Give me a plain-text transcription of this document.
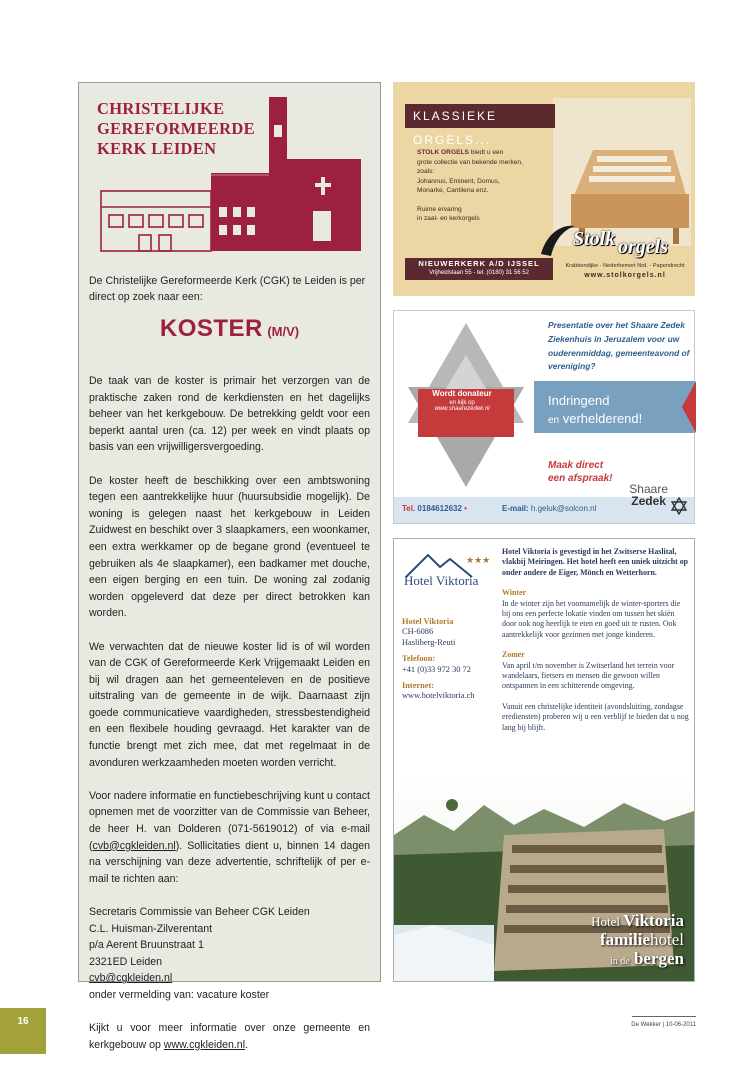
CHRISTELIJKE
GEREFORMEERDE
KERK LEIDEN
De Christelijke Gereformeerde Kerk (CGK) te Leiden is per direct op zoek naar een:
KOSTER (M/V)

De taak van de koster is primair het verzorgen van de praktische zaken rond de kerkdiensten en het dagelijks beheer van het kerkgebouw. De betrekking geldt voor een beperkt aantal uren (ca. 12) per week en vindt plaats op basis van een vrijwilligersvergoeding.

De koster heeft de beschikking over een ambtswoning tegen een aantrekkelijke huur (huursubsidie mogelijk). De woning is gelegen naast het kerkgebouw in Leiden Zuidwest en beschikt over 3 slaapkamers, een woonkamer, een extra werkkamer op de begane grond (eventueel te gebruiken als 4e slaapkamer), een badkamer met douche, een eigen berging en een tuin. De woning zal zodanig worden opgeleverd dat deze per direct betrokken kan worden.

We verwachten dat de nieuwe koster lid is of wil worden van de CGK of Gereformeerde Kerk Vrijgemaakt Leiden en bij wil dragen aan het gemeenteleven en de positieve uitstraling van de gemeente in de wijk. Daarnaast zijn goede communicatieve vaardigheden, stressbestendigheid en een flexibele houding gevraagd. Het karakter van de functie brengt met zich mee, dat met regelmaat in de avonduren werkzaamheden moeten worden verricht.

Voor nadere informatie en functiebeschrijving kunt u contact opnemen met de voorzitter van de Commissie van Beheer, de heer H. van Dolderen (071-5619012) of via e-mail (cvb@cgkleiden.nl). Sollicitaties dient u, binnen 14 dagen na verschijning van deze advertentie, schriftelijk of per e-mail te richten aan:

Secretaris Commissie van Beheer CGK Leiden
C.L. Huisman-Zilverentant
p/a Aerent Bruunstraat 1
2321ED Leiden
cvb@cgkleiden.nl
onder vermelding van: vacature koster

Kijkt u voor meer informatie over onze gemeente en kerkgebouw op www.cgkleiden.nl.

KLASSIEKE ORGELS...
STOLK ORGELS biedt u een
grote collectie van bekende merken,
zoals:
Johannus, Eminent, Domus,
Monarke, Cantilena enz.
Ruime ervaring
in zaal- en kerkorgels
Stolk orgels
NIEUWERKERK A/D IJSSEL
Vrijheidslaan 55 - tel. (0180) 31 56 52
Krabbendijke - Nederhemert Nrd. - Papendrecht
www.stolkorgels.nl
Wordt donateur
en kijk op
www.shaarezedek.nl
Presentatie over het Shaare Zedek Ziekenhuis in Jeruzalem voor uw ouderenmiddag, gemeenteavond of vereniging?
Indringend
en verhelderend!
Maak direct
een afspraak!
Tel. 0184612632 •	E-mail: h.geluk@solcon.nl
Shaare
Zedek
★★★
Hotel Viktoria
Hotel Viktoria
CH-6086
Hasliberg-Reuti
Telefoon:
+41 (0)33 972 30 72
Internet:
www.hotelviktoria.ch
Hotel Viktoria is gevestigd in het Zwitserse Haslital, vlakbij Meiringen. Het hotel heeft een uniek uitzicht op onder andere de Eiger, Mönch en Wetterhorn.
Winter

In de winter zijn het voornamelijk de winter-sporters die bij ons een perfecte lokatie vinden om tussen het skiën door ook nog heerlijk te eten en goed uit te rusten. Ook aantrekkelijk voor gezinnen met jonge kinderen.

Zomer

Van april t/m november is Zwitserland het terrein voor wandelaars, fietsers en mensen die gewoon willen ontspannen in een schitterende omgeving.

Vanuit een christelijke identiteit (avondsluiting, zondagse erediensten) proberen wij u een verblijf te bieden dat u nog lang bij blijft.

Hotel Viktoria
familiehotel
in de bergen
16	De Wekker | 10-06-2011
